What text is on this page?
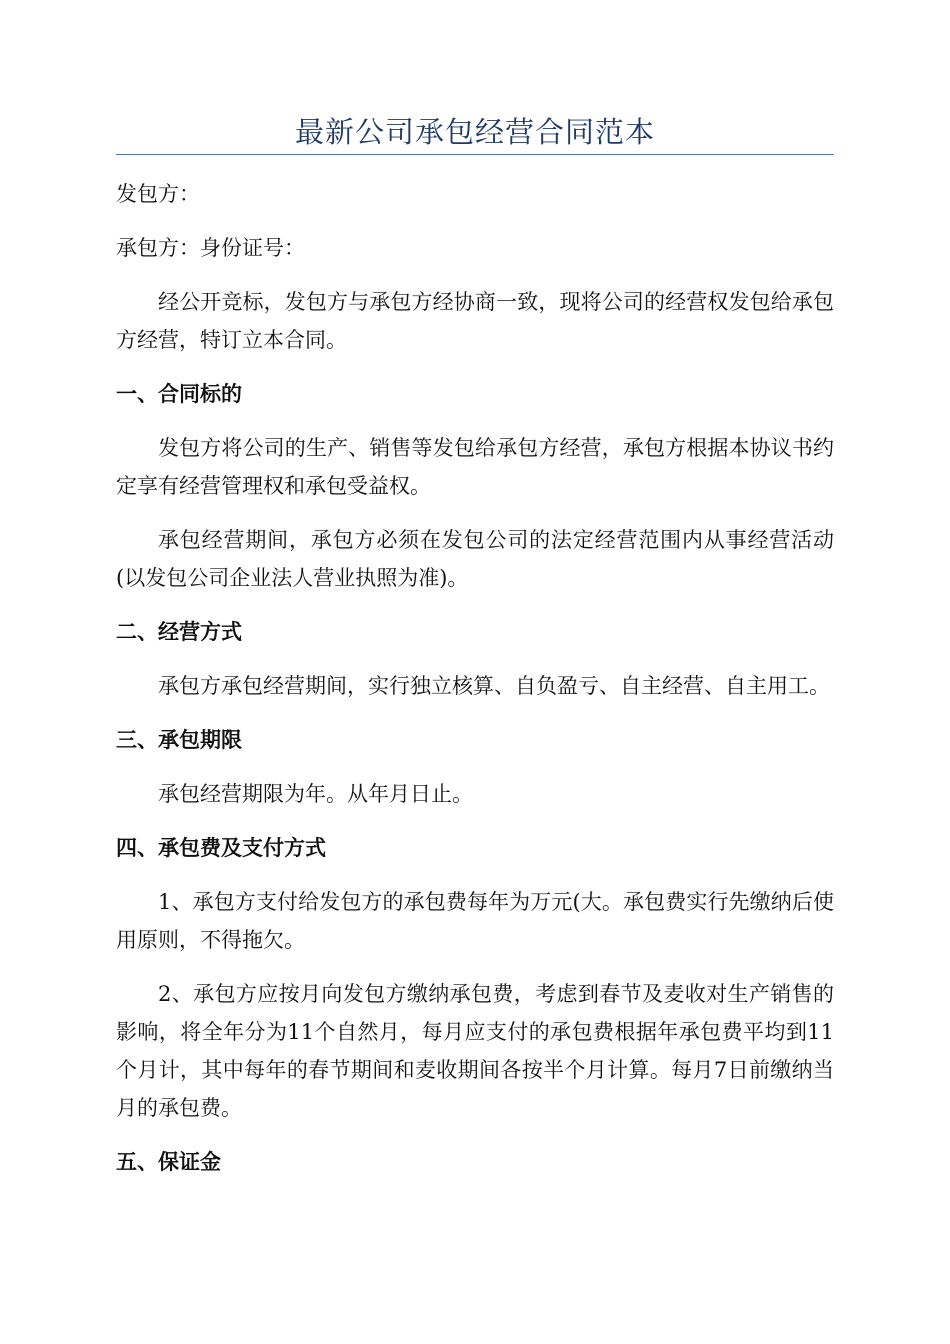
最新公司承包经营合同范本

发包方：

承包方：身份证号：

经公开竞标，发包方与承包方经协商一致，现将公司的经营权发包给承包方经营，特订立本合同。

一、合同标的

发包方将公司的生产、销售等发包给承包方经营，承包方根据本协议书约定享有经营管理权和承包受益权。

承包经营期间，承包方必须在发包公司的法定经营范围内从事经营活动(以发包公司企业法人营业执照为准)。

二、经营方式

承包方承包经营期间，实行独立核算、自负盈亏、自主经营、自主用工。

三、承包期限

承包经营期限为年。从年月日止。

四、承包费及支付方式

1、承包方支付给发包方的承包费每年为万元(大。承包费实行先缴纳后使用原则，不得拖欠。

2、承包方应按月向发包方缴纳承包费，考虑到春节及麦收对生产销售的影响，将全年分为11个自然月，每月应支付的承包费根据年承包费平均到11个月计，其中每年的春节期间和麦收期间各按半个月计算。每月7日前缴纳当月的承包费。

五、保证金
